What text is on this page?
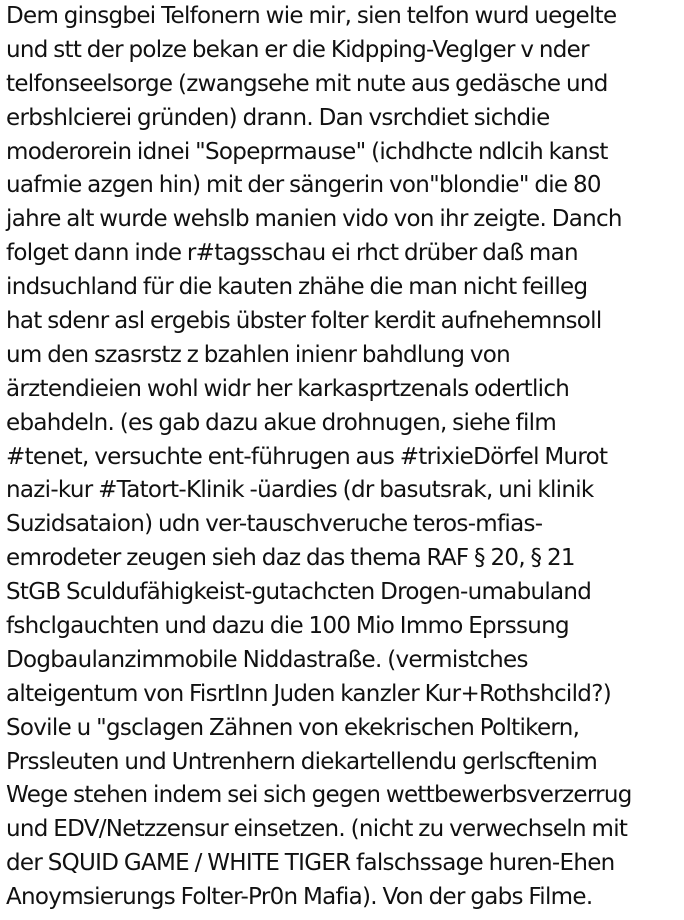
Dem ginsgbei Telfonern wie mir, sien telfon wurd uegelte
und stt der polze bekan er die Kidpping-Veglger v nder
telfonseelsorge (zwangsehe mit nute aus gedäsche und
erbshlcierei gründen) drann. Dan vsrchdiet sichdie
moderorein idnei "Sopeprmause" (ichdhcte ndlcih kanst
uafmie azgen hin) mit der sängerin von"blondie" die 80
jahre alt wurde wehslb manien vido von ihr zeigte. Danch
folget dann inde r#tagsschau ei rhct drüber daß man
indsuchland für die kauten zhähe die man nicht feilleg
hat sdenr asl ergebis übster folter kerdit aufnehemnsoll
um den szasrstz z bzahlen inienr bahdlung von
ärztendieien wohl widr her karkasprtzenals odertlich
ebahdeln. (es gab dazu akue drohnugen, siehe film
#tenet, versuchte ent-führugen aus #trixieDörfel Murot
nazi-kur #Tatort-Klinik -üardies (dr basutsrak, uni klinik
Suzidsataion) udn ver-tauschveruche teros-mfias-
emrodeter zeugen sieh daz das thema RAF § 20, § 21
StGB Sculdufähigkeist-gutachcten Drogen-umabuland
fshclgauchten und dazu die 100 Mio Immo Eprssung
Dogbaulanzimmobile Niddastraße. (vermistches
alteigentum von FisrtInn Juden kanzler Kur+Rothshcild?)
Sovile u "gsclagen Zähnen von ekekrischen Poltikern,
Prssleuten und Untrenhern diekartellendu gerlscftenim
Wege stehen indem sei sich gegen wettbewerbsverzerrug
und EDV/Netzzensur einsetzen. (nicht zu verwechseln mit
der SQUID GAME / WHITE TIGER falschssage huren-Ehen
Anoymsierungs Folter-Pr0n Mafia). Von der gabs Filme.
